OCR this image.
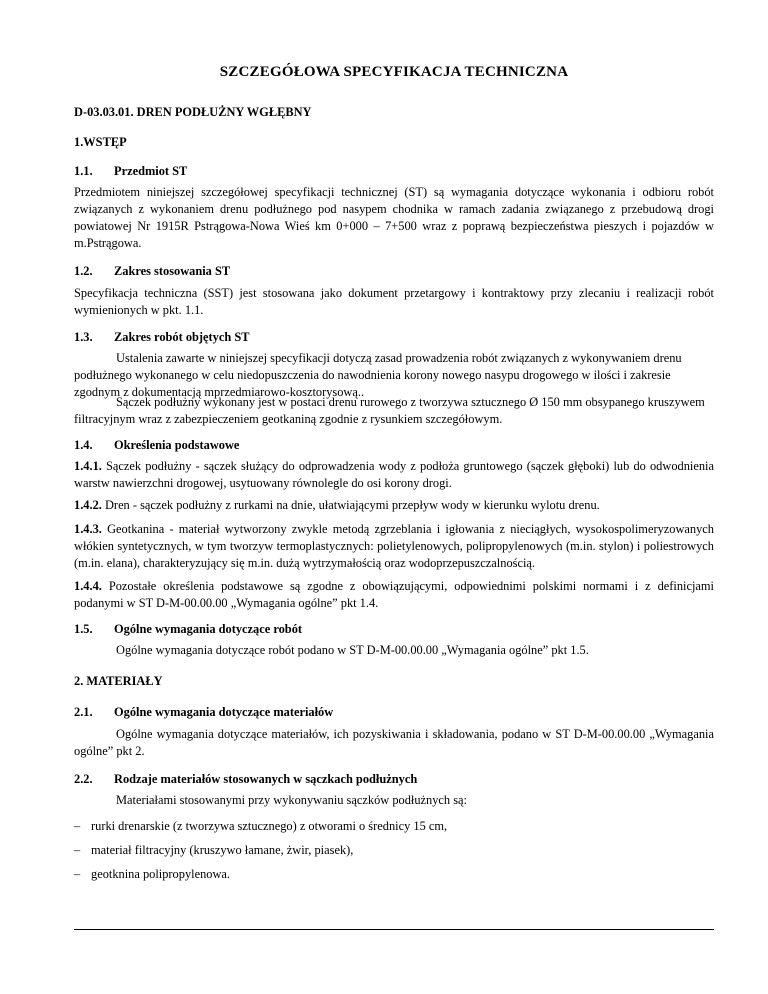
SZCZEGÓŁOWA SPECYFIKACJA TECHNICZNA
D-03.03.01. DREN PODŁUŻNY WGŁĘBNY
1.WSTĘP
1.1. Przedmiot ST
Przedmiotem niniejszej szczegółowej specyfikacji technicznej (ST) są wymagania dotyczące wykonania i odbioru robót związanych z wykonaniem drenu podłużnego pod nasypem chodnika w ramach zadania związanego z przebudową drogi powiatowej Nr 1915R Pstrągowa-Nowa Wieś km 0+000 – 7+500 wraz z poprawą bezpieczeństwa pieszych i pojazdów w m.Pstrągowa.
1.2. Zakres stosowania ST
Specyfikacja techniczna (SST) jest stosowana jako dokument przetargowy i kontraktowy przy zlecaniu i realizacji robót wymienionych w pkt. 1.1.
1.3. Zakres robót objętych ST
Ustalenia zawarte w niniejszej specyfikacji dotyczą zasad prowadzenia robót związanych z wykonywaniem drenu podłużnego wykonanego w celu niedopuszczenia do nawodnienia korony nowego nasypu drogowego w ilości i zakresie zgodnym z dokumentacją mprzedmiarowo-kosztorysową..
Sączek podłużny wykonany jest w postaci drenu rurowego z tworzywa sztucznego Ø 150 mm obsypanego kruszywem filtracyjnym wraz z zabezpieczeniem geotkaniną zgodnie z rysunkiem szczegółowym.
1.4. Określenia podstawowe
1.4.1. Sączek podłużny - sączek służący do odprowadzenia wody z podłoża gruntowego (sączek głęboki) lub do odwodnienia warstw nawierzchni drogowej, usytuowany równolegle do osi korony drogi.
1.4.2. Dren - sączek podłużny z rurkami na dnie, ułatwiającymi przepływ wody w kierunku wylotu drenu.
1.4.3. Geotkanina - materiał wytworzony zwykle metodą zgrzeblania i igłowania z nieciągłych, wysokospolimeryzowanych włókien syntetycznych, w tym tworzyw termoplastycznych: polietylenowych, polipropylenowych (m.in. stylon) i poliestrowych (m.in. elana), charakteryzujący się m.in. dużą wytrzymałością oraz wodoprzepuszczalnością.
1.4.4. Pozostałe określenia podstawowe są zgodne z obowiązującymi, odpowiednimi polskimi normami i z definicjami podanymi w ST D-M-00.00.00 „Wymagania ogólne” pkt 1.4.
1.5. Ogólne wymagania dotyczące robót
Ogólne wymagania dotyczące robót podano w ST D-M-00.00.00 „Wymagania ogólne” pkt 1.5.
2. MATERIAŁY
2.1. Ogólne wymagania dotyczące materiałów
Ogólne wymagania dotyczące materiałów, ich pozyskiwania i składowania, podano w ST D-M-00.00.00 „Wymagania ogólne” pkt 2.
2.2. Rodzaje materiałów stosowanych w sączkach podłużnych
Materiałami stosowanymi przy wykonywaniu sączków podłużnych są:
– rurki drenarskie (z tworzywa sztucznego) z otworami o średnicy 15 cm,
– materiał filtracyjny (kruszywo łamane, żwir, piasek),
– geotknina polipropylenowa.
